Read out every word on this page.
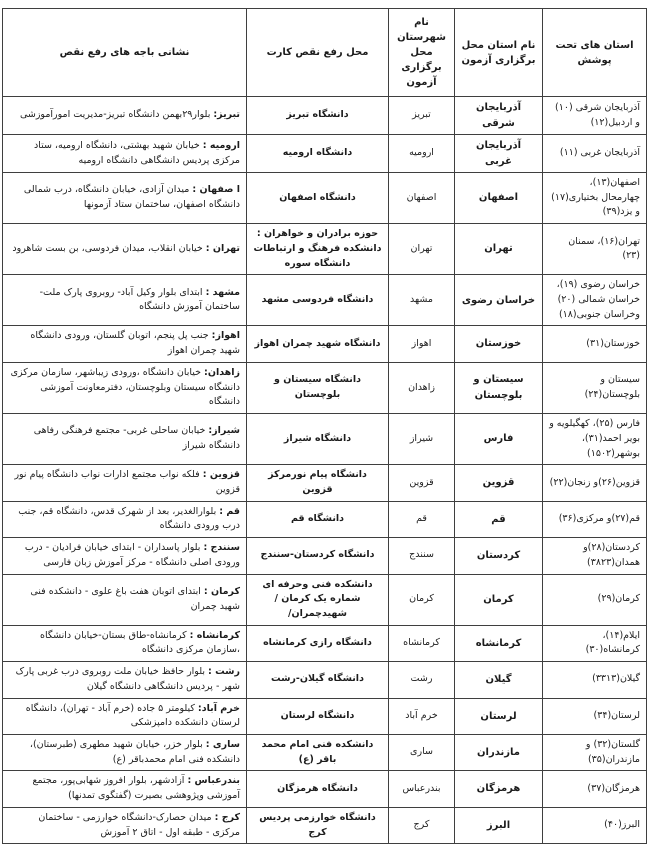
استان های تحت پوشش	نام استان محل برگزاری آزمون	نام شهرستان محل برگزاری آزمون	محل رفع نقص کارت	نشانی باجه های رفع نقص
آذربایجان شرقی (۱۰) و اردبیل(۱۲)	آذربایجان شرقی	تبریز	دانشگاه تبریز	تبریز:بلوار۲۹بهمن دانشگاه تبریز-مدیریت امورآموزشی
آذربایجان غربی (۱۱)	آذربایجان غربی	ارومیه	دانشگاه ارومیه	ارومیه :خیابان شهید بهشتی، دانشگاه ارومیه، ستاد مرکزی پردیس دانشگاهی دانشگاه ارومیه
اصفهان(۱۳)، چهارمحال بختیاری(۱۷) و یزد(۳۹)	اصفهان	اصفهان	دانشگاه اصفهان	ا صفهان :میدان آزادی، خیابان دانشگاه، درب شمالی دانشگاه اصفهان، ساختمان ستاد آزمونها
تهران(۱۶)، سمنان (۲۳)	تهران	تهران	حوزه برادران و خواهران : دانشکده فرهنگ و ارتباطات دانشگاه سوره	تهران :خیابان انقلاب، میدان فردوسی، بن بست شاهرود
خراسان رضوی (۱۹)، خراسان شمالی (۲۰) وخراسان جنوبی(۱۸)	خراسان رضوی	مشهد	دانشگاه فردوسی مشهد	مشهد :ابتدای بلوار وکیل آباد- روبروی پارک ملت- ساختمان آموزش دانشگاه
خوزستان(۳۱)	خوزستان	اهواز	دانشگاه شهید چمران اهواز	اهواز:جنب پل پنجم، اتوبان گلستان، ورودی دانشگاه شهید چمران اهواز
سیستان و بلوچستان(۲۴)	سیستان و بلوچستان	زاهدان	دانشگاه سیستان و بلوچستان	زاهدان:خیابان دانشگاه ،ورودی زیباشهر، سازمان مرکزی دانشگاه سیستان وبلوچستان، دفترمعاونت آموزشی دانشگاه
فارس (۲۵)، کهگیلویه و بویر احمد(۳۱)، بوشهر(۱۵۰۲)	فارس	شیراز	دانشگاه شیراز	شیراز:خیابان ساحلی غربی- مجتمع فرهنگی رفاهی دانشگاه شیراز
قزوین(۲۶)و زنجان(۲۲)	قزوین	قزوین	دانشگاه پیام نورمرکز قزوین	قزوین :فلکه نواب مجتمع ادارات نواب دانشگاه پیام نور قزوین
قم(۲۷)و مرکزی(۳۶)	قم	قم	دانشگاه قم	قم :بلوارالغدیر، بعد از شهرک قدس، دانشگاه قم، جنب درب ورودی دانشگاه
کردستان(۲۸)و همدان(۳۸۲۳)	کردستان	سنندج	دانشگاه کردستان-سنندج	سنندج :بلوار پاسداران - ابتدای خیابان فرادیان - درب ورودی اصلی دانشگاه - مرکز آموزش زبان فارسی
کرمان(۲۹)	کرمان	کرمان	دانشکده فنی وحرفه ای شماره یک کرمان /شهیدچمران/	کرمان :ابتدای اتوبان هفت باغ علوی - دانشکده فنی شهید چمران
ایلام(۱۴)، کرمانشاه(۳۰)	کرمانشاه	کرمانشاه	دانشگاه رازی کرمانشاه	کرمانشاه :کرمانشاه-طاق بستان-خیابان دانشگاه ،سازمان مرکزی دانشگاه
گیلان(۳۳۱۳)	گیلان	رشت	دانشگاه گیلان-رشت	رشت :بلوار حافظ خیابان ملت روبروی درب غربی پارک شهر - پردیس دانشگاهی دانشگاه گیلان
لرستان(۳۴)	لرستان	خرم آباد	دانشگاه لرستان	خرم آباد:کیلومتر ۵ جاده (خرم آباد - تهران)، دانشگاه لرستان دانشکده دامپزشکی
گلستان(۳۲) و مازندران(۳۵)	مازندران	ساری	دانشکده فنی امام محمد باقر (ع)	ساری :بلوار خزر، خیابان شهید مطهری (طبرستان)، دانشکده فنی امام محمدباقر (ع)
هرمزگان(۳۷)	هرمزگان	بندرعباس	دانشگاه هرمزگان	بندرعباس :آزادشهر، بلوار افروز شهابی‌پور، مجتمع آموزشی وپژوهشی بصیرت (گفتگوی تمدنها)
البرز(۴۰)	البرز	کرج	دانشگاه خوارزمی پردیس کرج	کرج :میدان حصارک-دانشگاه خوارزمی - ساختمان مرکزی - طبقه اول - اتاق ۲ آموزش
